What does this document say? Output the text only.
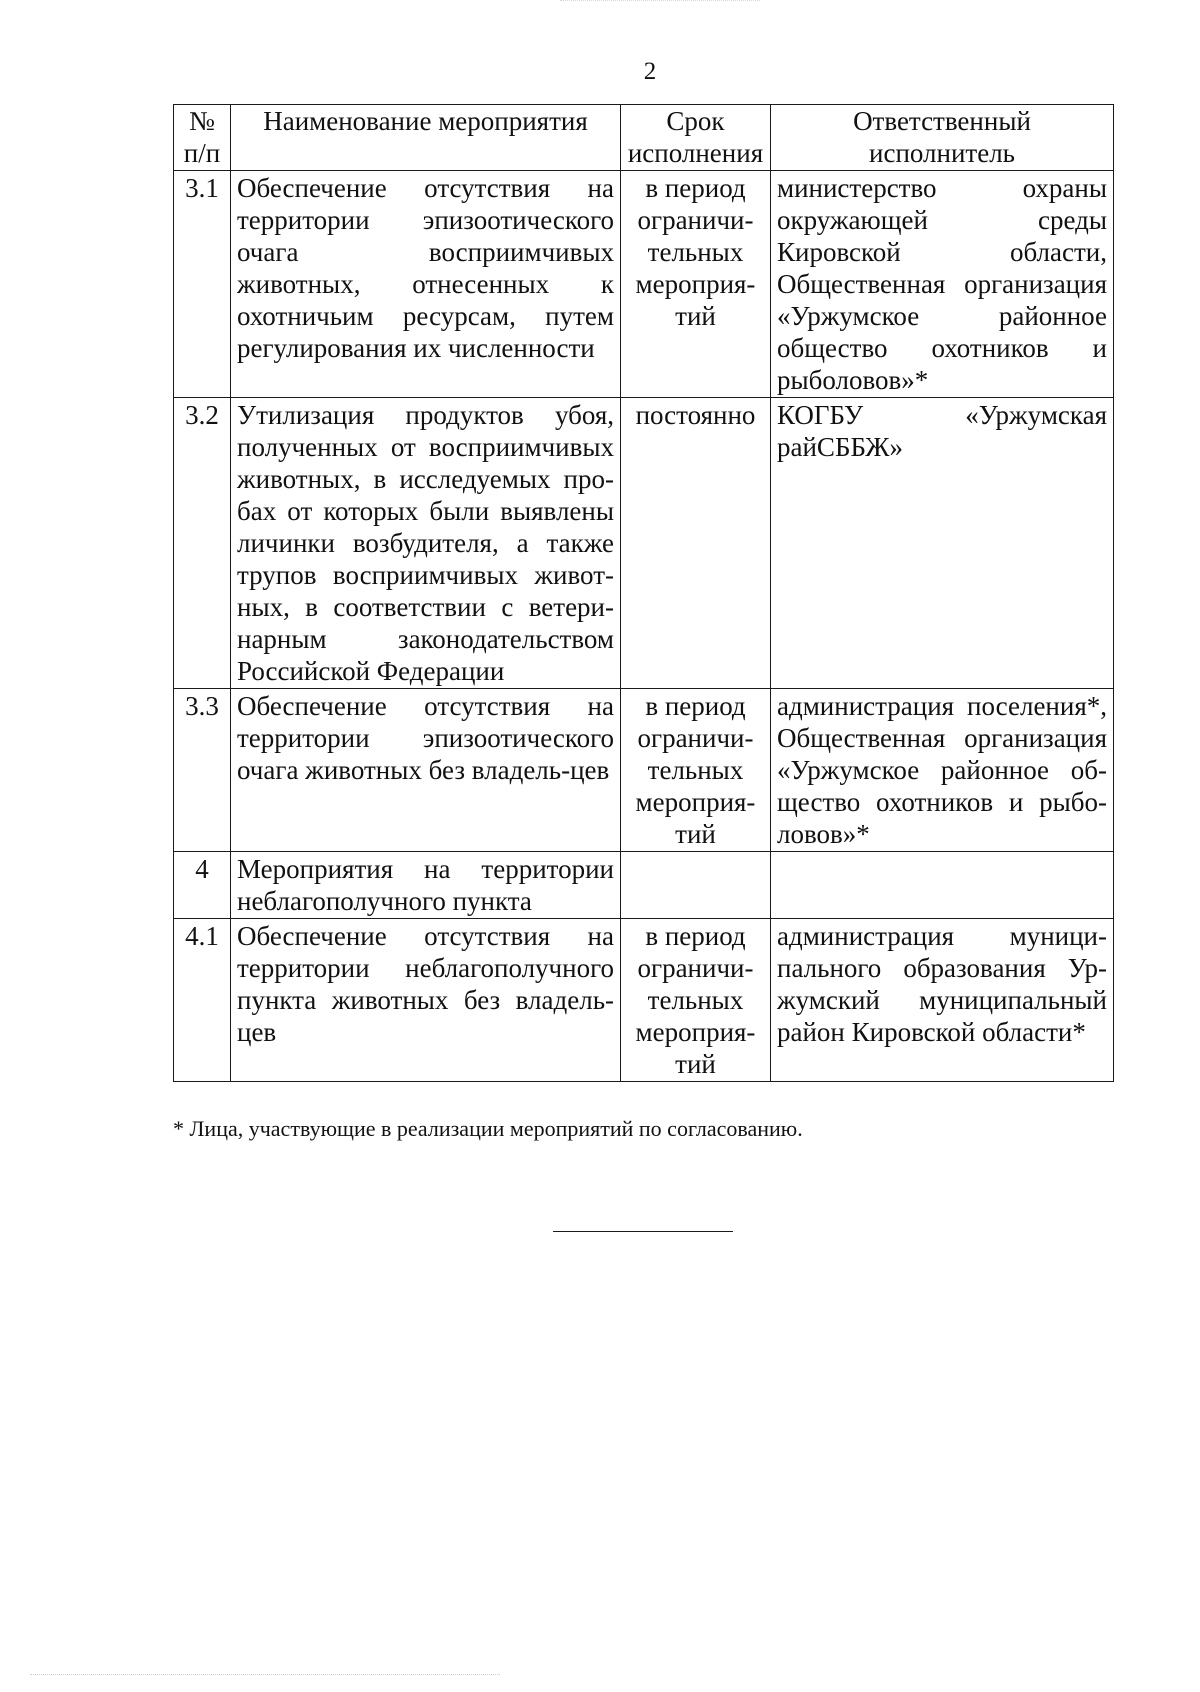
2
№ п/п	Наименование мероприятия	Срок исполнения	Ответственный исполнитель
3.1	Обеспечение отсутствия на территории эпизоотического очага восприимчивых животных, отнесенных к охотничьим ресурсам, путем регулирования их численности	в период ограничи-тельных мероприя-тий	министерство охраны окружающей среды Кировской области, Общественная организация «Уржумское районное общество охотников и рыболовов»*
3.2	Утилизация продуктов убоя, полученных от восприимчивых животных, в исследуемых про-бах от которых были выявлены личинки возбудителя, а также трупов восприимчивых живот-ных, в соответствии с ветери-нарным законодательством Российской Федерации	постоянно	КОГБУ «Уржумская райСББЖ»
3.3	Обеспечение отсутствия на территории эпизоотического очага животных без владель-цев	в период ограничи-тельных мероприя-тий	администрация поселения*, Общественная организация «Уржумское районное об-щество охотников и рыбо-ловов»*
4	Мероприятия на территории неблагополучного пункта		
4.1	Обеспечение отсутствия на территории неблагополучного пункта животных без владель-цев	в период ограничи-тельных мероприя-тий	администрация муници-пального образования Ур-жумский муниципальный район Кировской области*
* Лица, участвующие в реализации мероприятий по согласованию.
